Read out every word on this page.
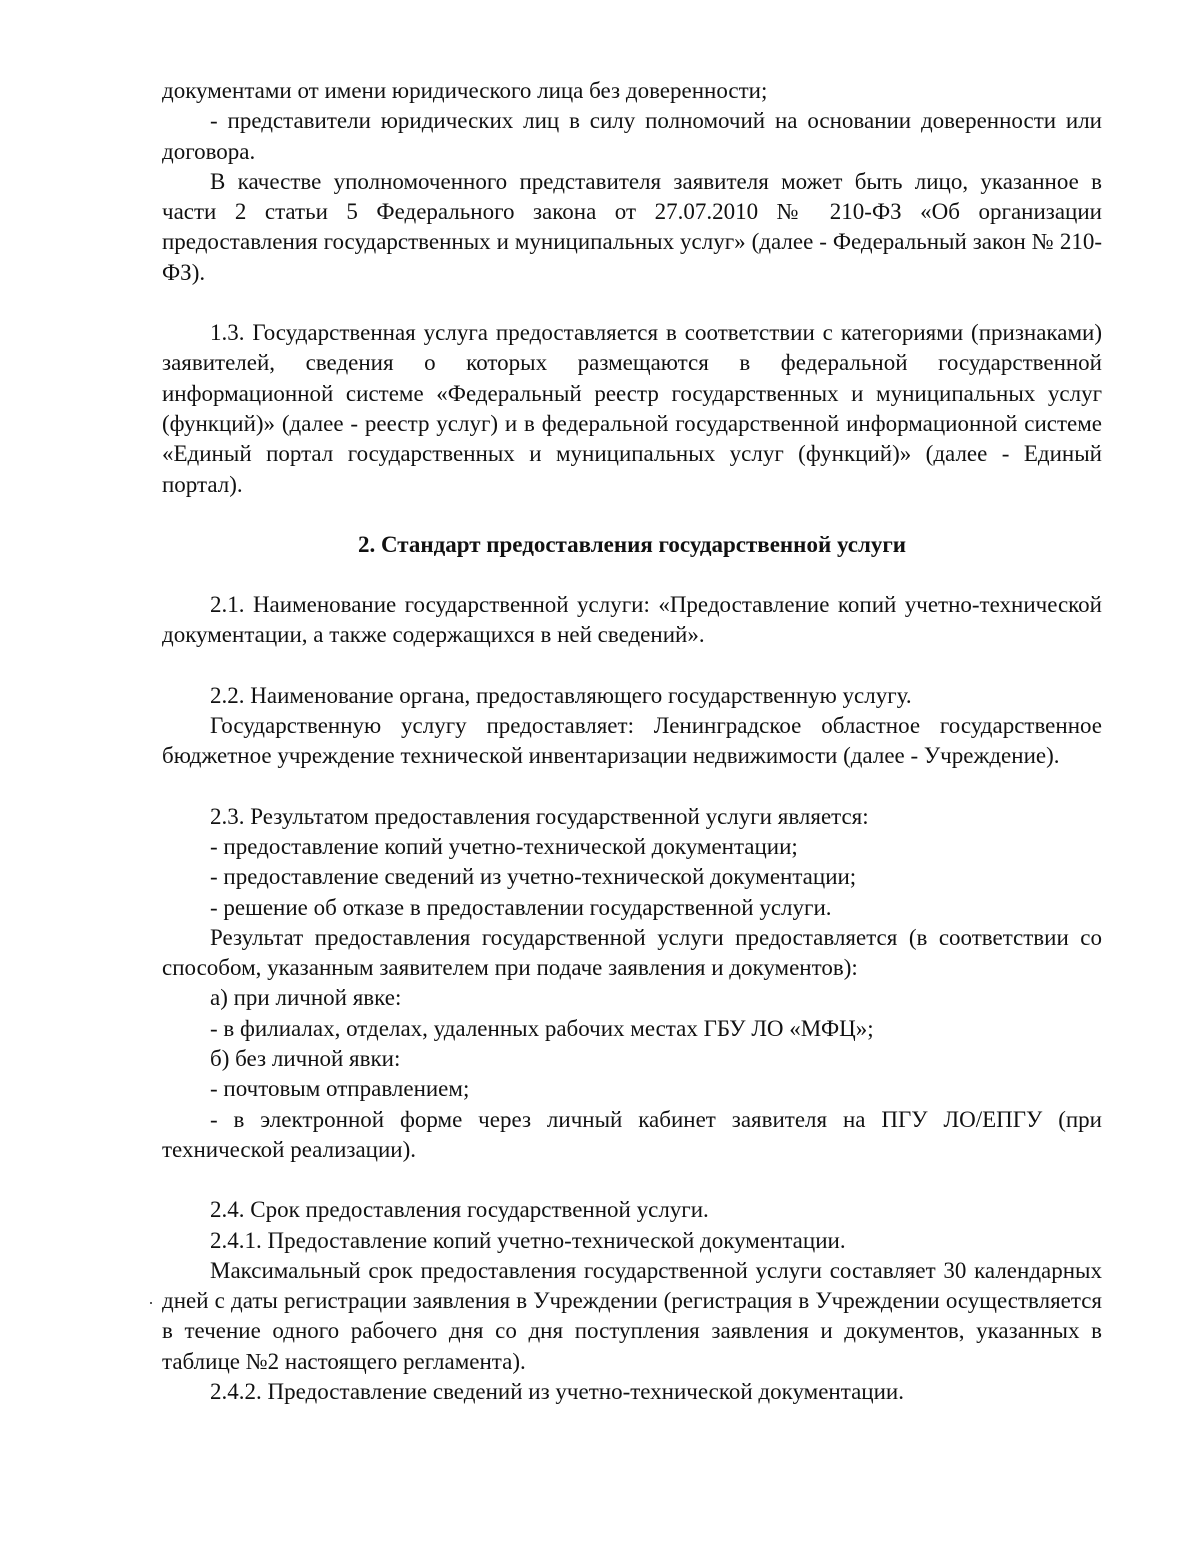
документами от имени юридического лица без доверенности;

- представители юридических лиц в силу полномочий на основании доверенности или договора.

В качестве уполномоченного представителя заявителя может быть лицо, указанное в части 2 статьи 5 Федерального закона от 27.07.2010 № 210-ФЗ «Об организации предоставления государственных и муниципальных услуг» (далее - Федеральный закон № 210-ФЗ).

1.3. Государственная услуга предоставляется в соответствии с категориями (признаками) заявителей, сведения о которых размещаются в федеральной государственной информационной системе «Федеральный реестр государственных и муниципальных услуг (функций)» (далее - реестр услуг) и в федеральной государственной информационной системе «Единый портал государственных и муниципальных услуг (функций)» (далее - Единый портал).

2. Стандарт предоставления государственной услуги

2.1. Наименование государственной услуги: «Предоставление копий учетно-технической документации, а также содержащихся в ней сведений».

2.2. Наименование органа, предоставляющего государственную услугу.

Государственную услугу предоставляет: Ленинградское областное государственное бюджетное учреждение технической инвентаризации недвижимости (далее - Учреждение).

2.3. Результатом предоставления государственной услуги является:

- предоставление копий учетно-технической документации;

- предоставление сведений из учетно-технической документации;

- решение об отказе в предоставлении государственной услуги.

Результат предоставления государственной услуги предоставляется (в соответствии со способом, указанным заявителем при подаче заявления и документов):

а) при личной явке:

- в филиалах, отделах, удаленных рабочих местах ГБУ ЛО «МФЦ»;

б) без личной явки:

- почтовым отправлением;

- в электронной форме через личный кабинет заявителя на ПГУ ЛО/ЕПГУ (при технической реализации).

2.4. Срок предоставления государственной услуги.

2.4.1. Предоставление копий учетно-технической документации.

Максимальный срок предоставления государственной услуги составляет 30 календарных дней с даты регистрации заявления в Учреждении (регистрация в Учреждении осуществляется в течение одного рабочего дня со дня поступления заявления и документов, указанных в таблице №2 настоящего регламента).

2.4.2. Предоставление сведений из учетно-технической документации.
